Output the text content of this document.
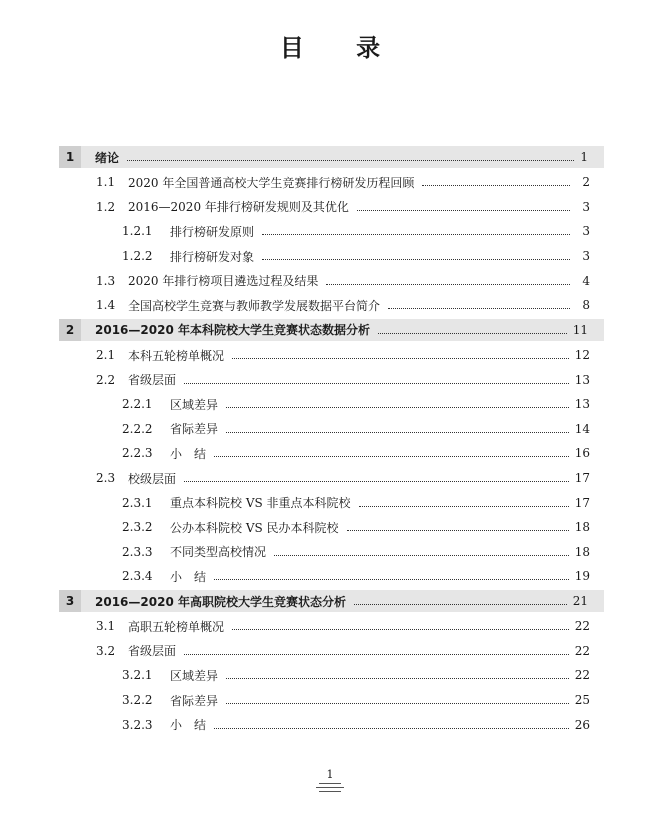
目 录
1	绪论	1
1.1	2020 年全国普通高校大学生竞赛排行榜研发历程回顾	2
1.2	2016—2020 年排行榜研发规则及其优化	3
1.2.1	排行榜研发原则	3
1.2.2	排行榜研发对象	3
1.3	2020 年排行榜项目遴选过程及结果	4
1.4	全国高校学生竞赛与教师教学发展数据平台简介	8
2	2016—2020 年本科院校大学生竞赛状态数据分析	11
2.1	本科五轮榜单概况	12
2.2	省级层面	13
2.2.1	区域差异	13
2.2.2	省际差异	14
2.2.3	小　结	16
2.3	校级层面	17
2.3.1	重点本科院校 VS 非重点本科院校	17
2.3.2	公办本科院校 VS 民办本科院校	18
2.3.3	不同类型高校情况	18
2.3.4	小　结	19
3	2016—2020 年高职院校大学生竞赛状态分析	21
3.1	高职五轮榜单概况	22
3.2	省级层面	22
3.2.1	区域差异	22
3.2.2	省际差异	25
3.2.3	小　结	26
1
